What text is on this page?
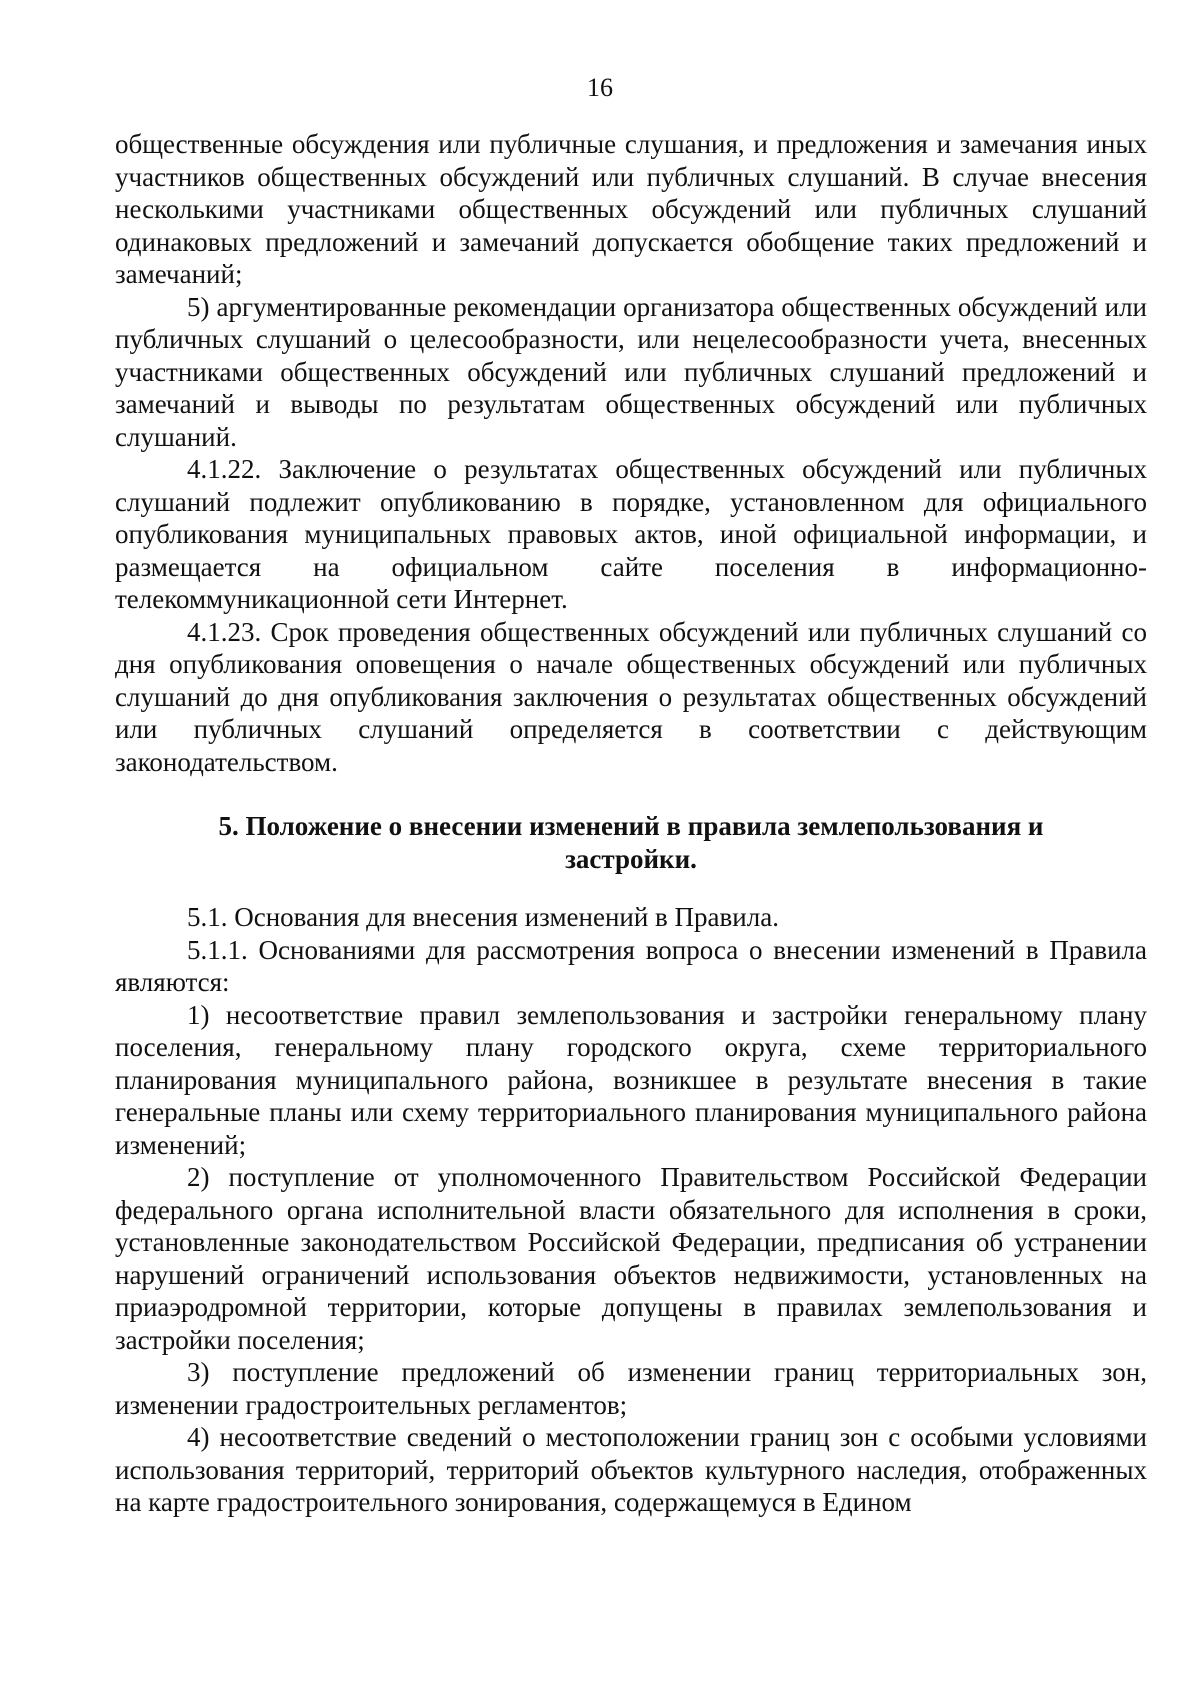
16

общественные обсуждения или публичные слушания, и предложения и замечания иных участников общественных обсуждений или публичных слушаний. В случае внесения несколькими участниками общественных обсуждений или публичных слушаний одинаковых предложений и замечаний допускается обобщение таких предложений и замечаний;

5) аргументированные рекомендации организатора общественных обсуждений или публичных слушаний о целесообразности, или нецелесообразности учета, внесенных участниками общественных обсуждений или публичных слушаний предложений и замечаний и выводы по результатам общественных обсуждений или публичных слушаний.

4.1.22. Заключение о результатах общественных обсуждений или публичных слушаний подлежит опубликованию в порядке, установленном для официального опубликования муниципальных правовых актов, иной официальной информации, и размещается на официальном сайте поселения в информационно-телекоммуникационной сети Интернет.

4.1.23. Срок проведения общественных обсуждений или публичных слушаний со дня опубликования оповещения о начале общественных обсуждений или публичных слушаний до дня опубликования заключения о результатах общественных обсуждений или публичных слушаний определяется в соответствии с действующим законодательством.

5. Положение о внесении изменений в правила землепользования и застройки.

5.1. Основания для внесения изменений в Правила.

5.1.1. Основаниями для рассмотрения вопроса о внесении изменений в Правила являются:

1) несоответствие правил землепользования и застройки генеральному плану поселения, генеральному плану городского округа, схеме территориального планирования муниципального района, возникшее в результате внесения в такие генеральные планы или схему территориального планирования муниципального района изменений;

2) поступление от уполномоченного Правительством Российской Федерации федерального органа исполнительной власти обязательного для исполнения в сроки, установленные законодательством Российской Федерации, предписания об устранении нарушений ограничений использования объектов недвижимости, установленных на приаэродромной территории, которые допущены в правилах землепользования и застройки поселения;

3) поступление предложений об изменении границ территориальных зон, изменении градостроительных регламентов;

4) несоответствие сведений о местоположении границ зон с особыми условиями использования территорий, территорий объектов культурного наследия, отображенных на карте градостроительного зонирования, содержащемуся в Едином
